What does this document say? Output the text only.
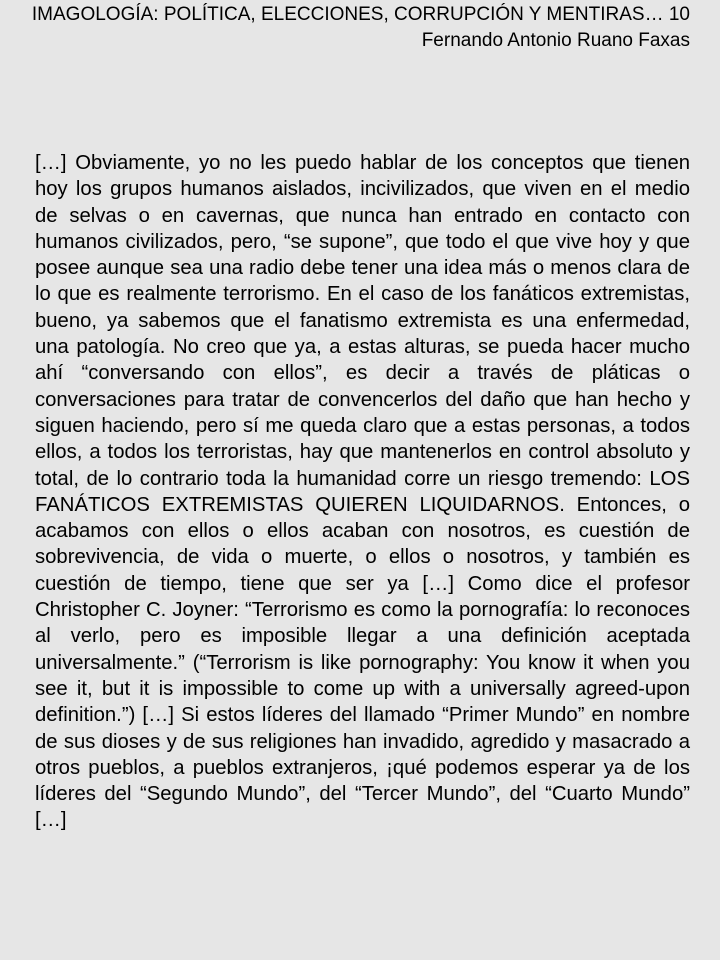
IMAGOLOGÍA: POLÍTICA, ELECCIONES, CORRUPCIÓN Y MENTIRAS… 10
Fernando Antonio Ruano Faxas
[…] Obviamente, yo no les puedo hablar de los conceptos que tienen hoy los grupos humanos aislados, incivilizados, que viven en el medio de selvas o en cavernas, que nunca han entrado en contacto con humanos civilizados, pero, “se supone”, que todo el que vive hoy y que posee aunque sea una radio debe tener una idea más o menos clara de lo que es realmente terrorismo. En el caso de los fanáticos extremistas, bueno, ya sabemos que el fanatismo extremista es una enfermedad, una patología. No creo que ya, a estas alturas, se pueda hacer mucho ahí “conversando con ellos”, es decir a través de pláticas o conversaciones para tratar de convencerlos del daño que han hecho y siguen haciendo, pero sí me queda claro que a estas personas, a todos ellos, a todos los terroristas, hay que mantenerlos en control absoluto y total, de lo contrario toda la humanidad corre un riesgo tremendo: LOS FANÁTICOS EXTREMISTAS QUIEREN LIQUIDARNOS. Entonces, o acabamos con ellos o ellos acaban con nosotros, es cuestión de sobrevivencia, de vida o muerte, o ellos o nosotros, y también es cuestión de tiempo, tiene que ser ya […] Como dice el profesor Christopher C. Joyner: “Terrorismo es como la pornografía: lo reconoces al verlo, pero es imposible llegar a una definición aceptada universalmente.” (“Terrorism is like pornography: You know it when you see it, but it is impossible to come up with a universally agreed-upon definition.”) […] Si estos líderes del llamado “Primer Mundo” en nombre de sus dioses y de sus religiones han invadido, agredido y masacrado a otros pueblos, a pueblos extranjeros, ¡qué podemos esperar ya de los líderes del “Segundo Mundo”, del “Tercer Mundo”, del “Cuarto Mundo” […]
